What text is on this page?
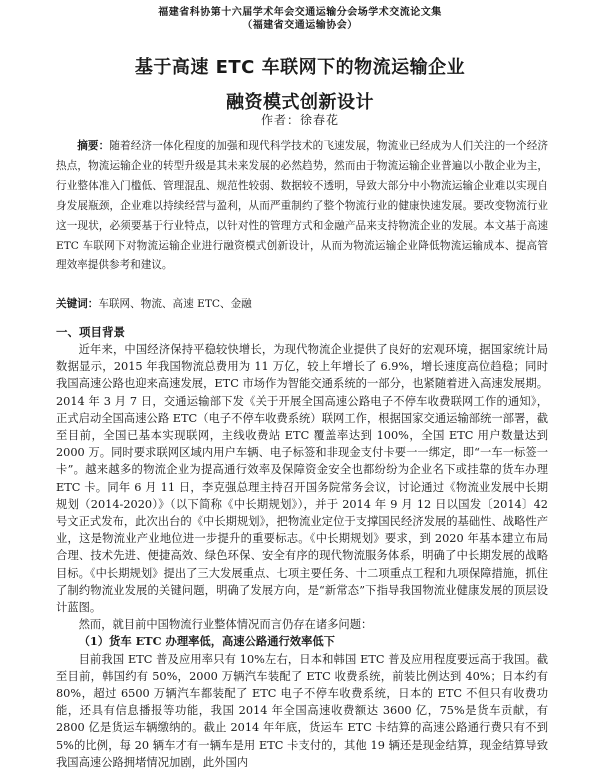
福建省科协第十六届学术年会交通运输分会场学术交流论文集
（福建省交通运输协会）
基于高速 ETC 车联网下的物流运输企业
融资模式创新设计
作者：徐春花

摘要：随着经济一体化程度的加强和现代科学技术的飞速发展，物流业已经成为人们关注的一个经济热点，物流运输企业的转型升级是其未来发展的必然趋势，然而由于物流运输企业普遍以小散企业为主，行业整体准入门槛低、管理混乱、规范性较弱、数据较不透明，导致大部分中小物流运输企业难以实现自身发展瓶颈，企业难以持续经营与盈利，从而严重制约了整个物流行业的健康快速发展。要改变物流行业这一现状，必须要基于行业特点，以针对性的管理方式和金融产品来支持物流企业的发展。本文基于高速 ETC 车联网下对物流运输企业进行融资模式创新设计，从而为物流运输企业降低物流运输成本、提高管理效率提供参考和建议。

关键词：车联网、物流、高速 ETC、金融

一、项目背景

近年来，中国经济保持平稳较快增长，为现代物流企业提供了良好的宏观环境，据国家统计局数据显示，2015 年我国物流总费用为 11 万亿，较上年增长了 6.9%，增长速度高位趋稳；同时我国高速公路也迎来高速发展，ETC 市场作为智能交通系统的一部分，也紧随着进入高速发展期。2014 年 3 月 7 日，交通运输部下发《关于开展全国高速公路电子不停车收费联网工作的通知》，正式启动全国高速公路 ETC（电子不停车收费系统）联网工作，根据国家交通运输部统一部署，截至目前，全国已基本实现联网，主线收费站 ETC 覆盖率达到 100%，全国 ETC 用户数量达到 2000 万。同时要求联网区域内用户车辆、电子标签和非现金支付卡要一一绑定，即“一车一标签一卡”。越来越多的物流企业为提高通行效率及保障资金安全也都纷纷为企业名下或挂靠的货车办理 ETC 卡。同年 6 月 11 日，李克强总理主持召开国务院常务会议，讨论通过《物流业发展中长期规划（2014-2020）》（以下简称《中长期规划》），并于 2014 年 9 月 12 日以国发〔2014〕42 号文正式发布，此次出台的《中长期规划》，把物流业定位于支撑国民经济发展的基础性、战略性产业，这是物流业产业地位进一步提升的重要标志。《中长期规划》要求，到 2020 年基本建立布局合理、技术先进、便捷高效、绿色环保、安全有序的现代物流服务体系，明确了中长期发展的战略目标。《中长期规划》提出了三大发展重点、七项主要任务、十二项重点工程和九项保障措施，抓住了制约物流业发展的关键问题，明确了发展方向，是“新常态”下指导我国物流业健康发展的顶层设计蓝图。

然而，就目前中国物流行业整体情况而言仍存在诸多问题：

（1）货车 ETC 办理率低，高速公路通行效率低下

目前我国 ETC 普及应用率只有 10%左右，日本和韩国 ETC 普及应用程度要远高于我国。截至目前，韩国约有 50%，2000 万辆汽车装配了 ETC 收费系统，前装比例达到 40%；日本约有 80%，超过 6500 万辆汽车都装配了 ETC 电子不停车收费系统，日本的 ETC 不但只有收费功能，还具有信息播报等功能，我国 2014 年全国高速收费额达 3600 亿，75%是货车贡献，有 2800 亿是货运车辆缴纳的。截止 2014 年年底，货运车 ETC 卡结算的高速公路通行费只有不到 5%的比例，每 20 辆车才有一辆车是用 ETC 卡支付的，其他 19 辆还是现金结算，现金结算导致我国高速公路拥堵情况加剧，此外国内
